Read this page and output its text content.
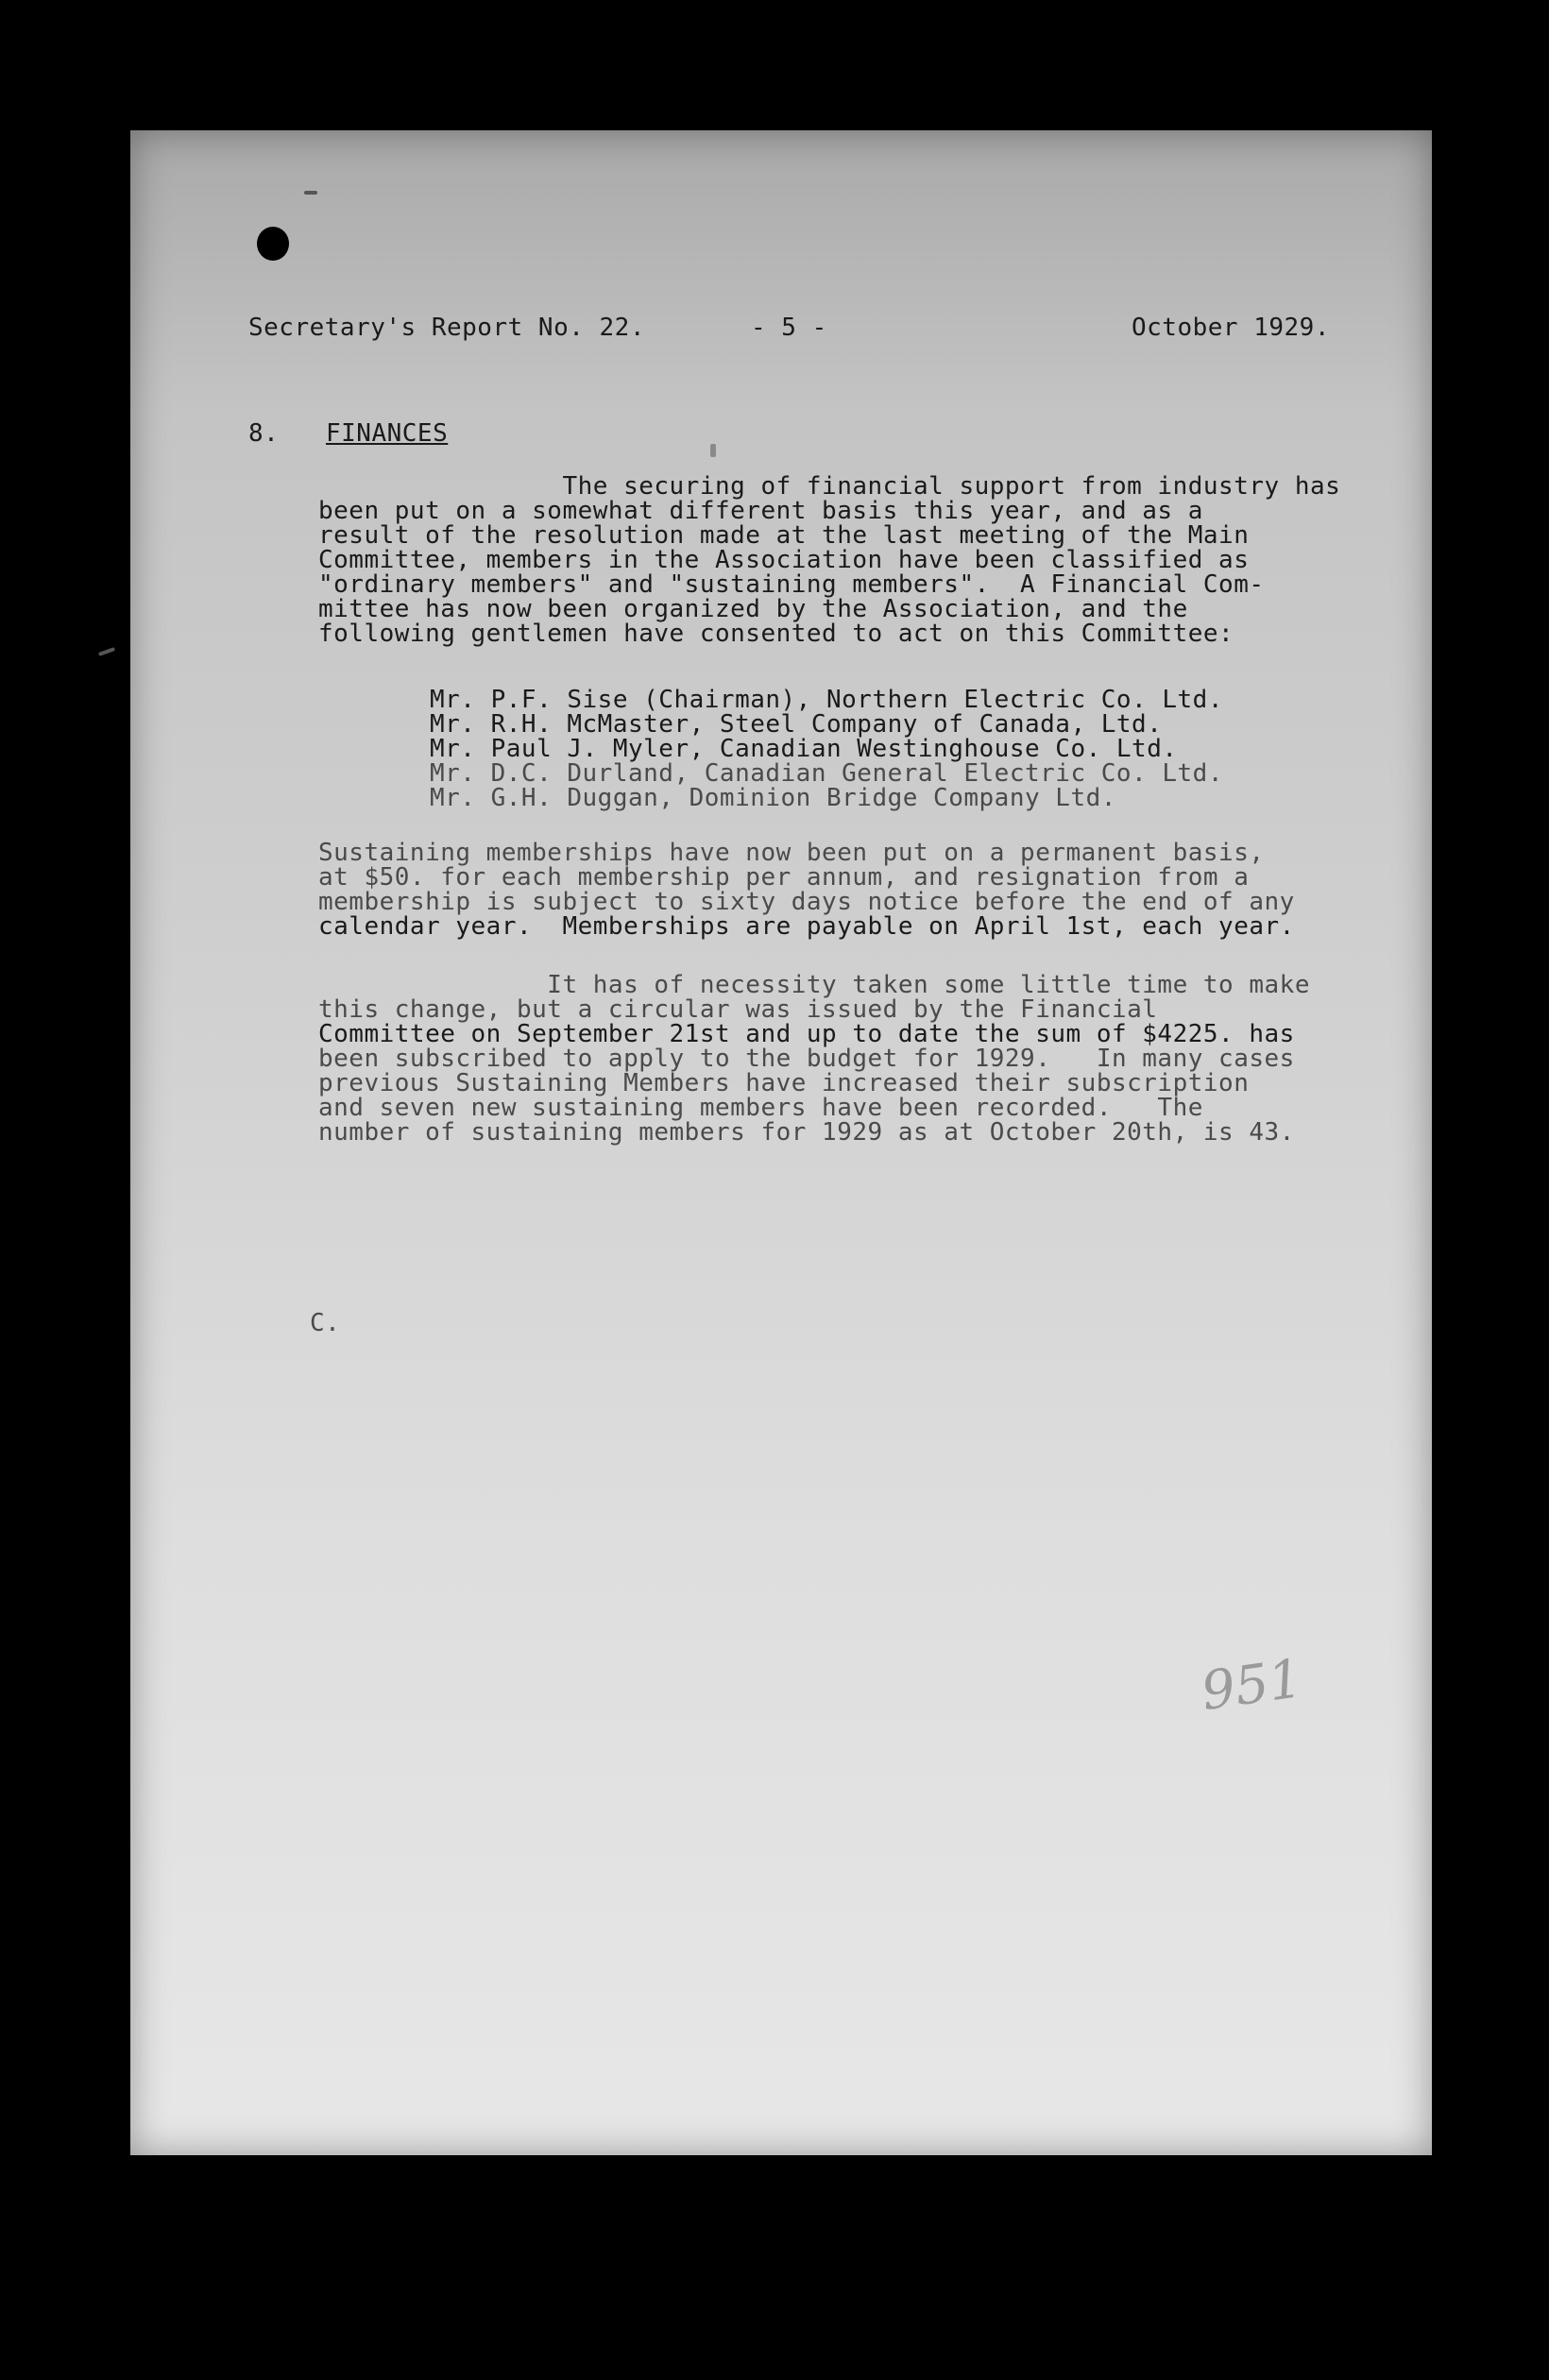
Secretary's Report No. 22.	- 5 -	October 1929.
8. FINANCES
The securing of financial support from industry has
been put on a somewhat different basis this year, and as a
result of the resolution made at the last meeting of the Main
Committee, members in the Association have been classified as
"ordinary members" and "sustaining members".  A Financial Com-
mittee has now been organized by the Association, and the
following gentlemen have consented to act on this Committee:
Mr. P.F. Sise (Chairman), Northern Electric Co. Ltd.
Mr. R.H. McMaster, Steel Company of Canada, Ltd.
Mr. Paul J. Myler, Canadian Westinghouse Co. Ltd.
Mr. D.C. Durland, Canadian General Electric Co. Ltd.
Mr. G.H. Duggan, Dominion Bridge Company Ltd.
Sustaining memberships have now been put on a permanent basis,
at $50. for each membership per annum, and resignation from a
membership is subject to sixty days notice before the end of any
calendar year.  Memberships are payable on April 1st, each year.
It has of necessity taken some little time to make
this change, but a circular was issued by the Financial
Committee on September 21st and up to date the sum of $4225. has
been subscribed to apply to the budget for 1929.   In many cases
previous Sustaining Members have increased their subscription
and seven new sustaining members have been recorded.   The
number of sustaining members for 1929 as at October 20th, is 43.
C.
951
